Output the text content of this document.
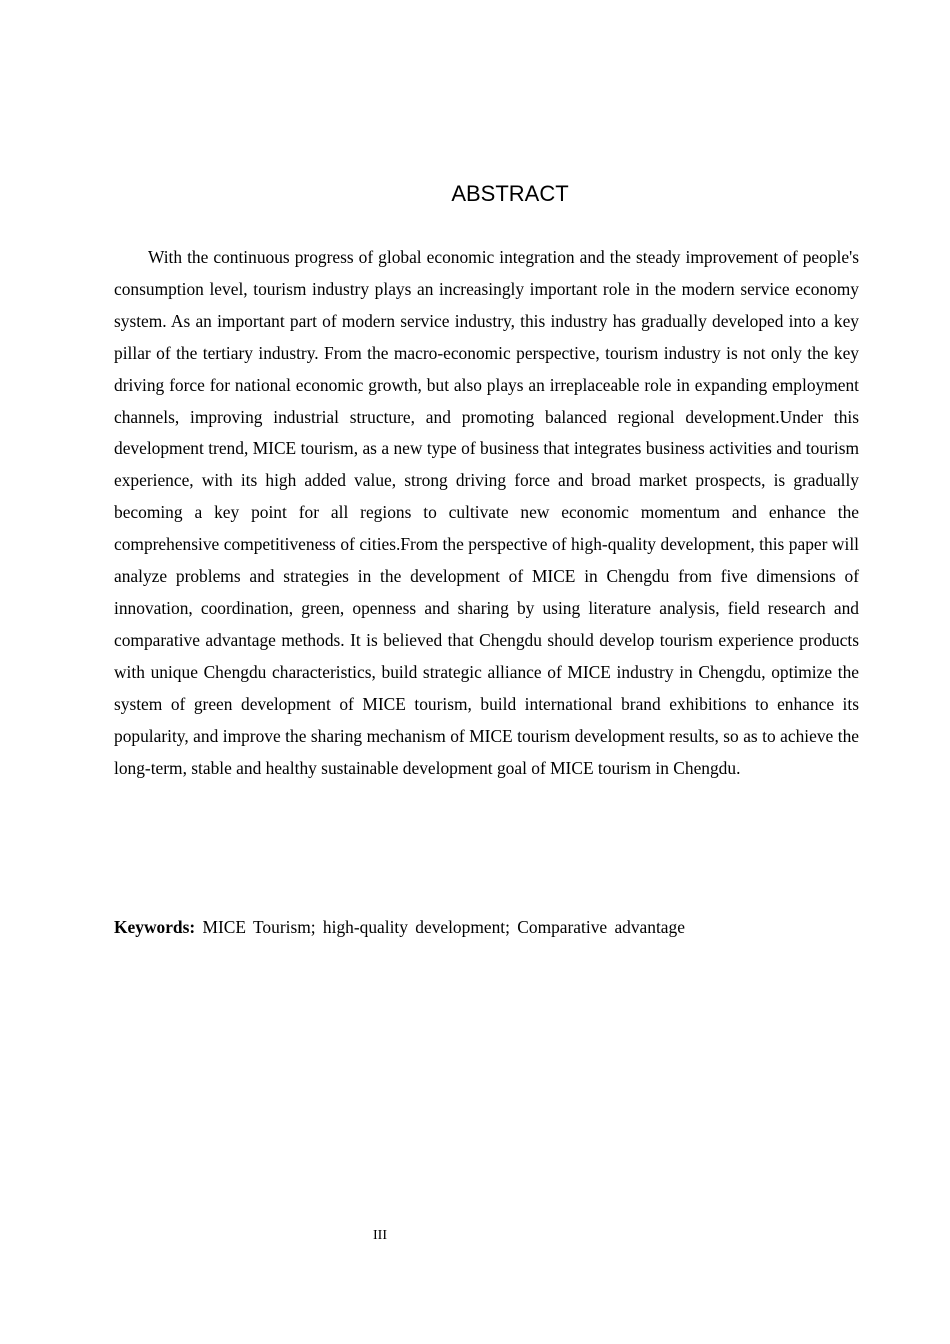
ABSTRACT

With the continuous progress of global economic integration and the steady improvement of people's consumption level, tourism industry plays an increasingly important role in the modern service economy system. As an important part of modern service industry, this industry has gradually developed into a key pillar of the tertiary industry. From the macro-economic perspective, tourism industry is not only the key driving force for national economic growth, but also plays an irreplaceable role in expanding employment channels, improving industrial structure, and promoting balanced regional development.Under this development trend, MICE tourism, as a new type of business that integrates business activities and tourism experience, with its high added value, strong driving force and broad market prospects, is gradually becoming a key point for all regions to cultivate new economic momentum and enhance the comprehensive competitiveness of cities.From the perspective of high-quality development, this paper will analyze problems and strategies in the development of MICE in Chengdu from five dimensions of innovation, coordination, green, openness and sharing by using literature analysis, field research and comparative advantage methods. It is believed that Chengdu should develop tourism experience products with unique Chengdu characteristics, build strategic alliance of MICE industry in Chengdu, optimize the system of green development of MICE tourism, build international brand exhibitions to enhance its popularity, and improve the sharing mechanism of MICE tourism development results, so as to achieve the long-term, stable and healthy sustainable development goal of MICE tourism in Chengdu.

Keywords: MICE Tourism; high-quality development; Comparative advantage

III
